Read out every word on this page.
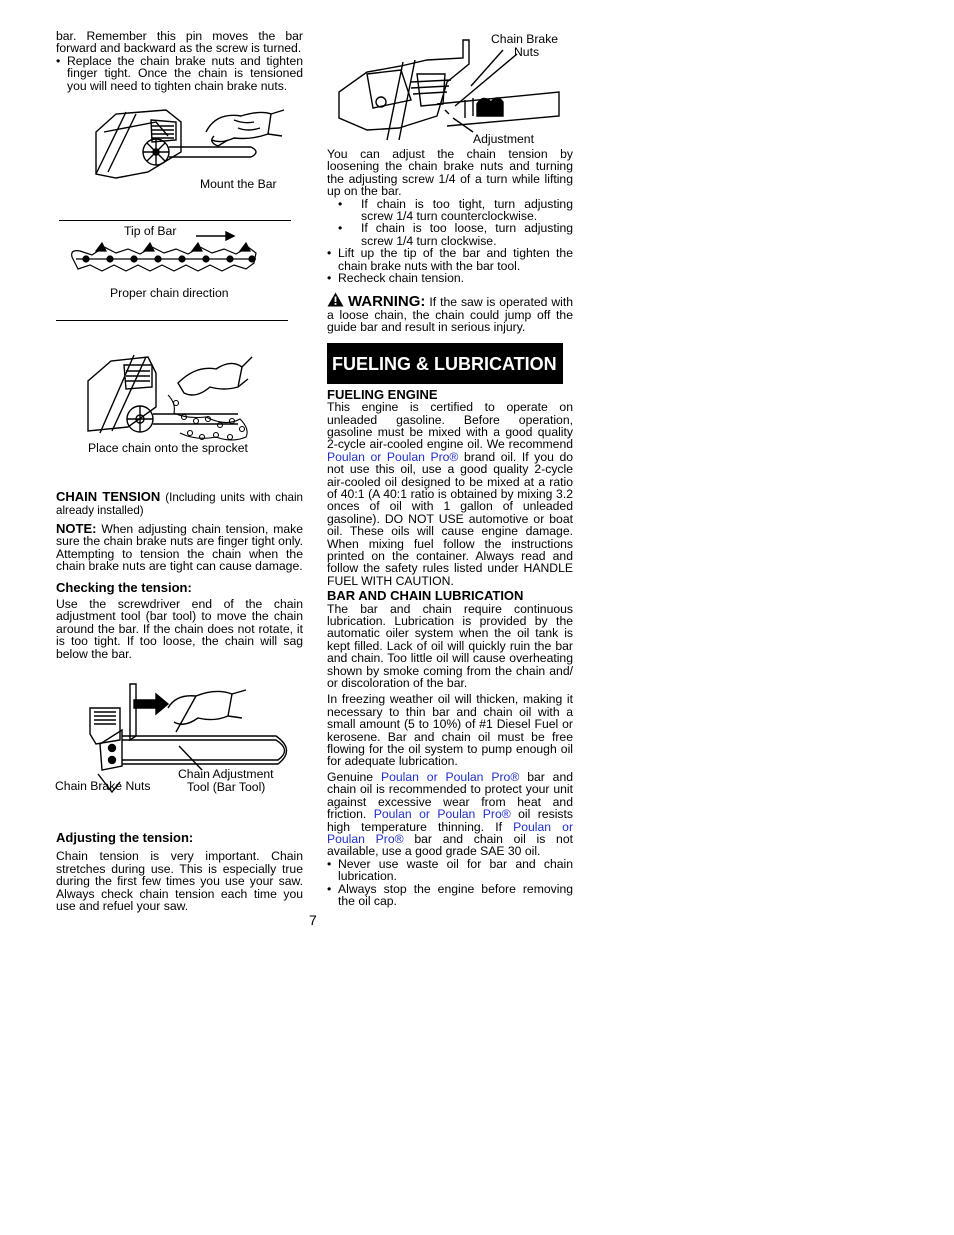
bar. Remember this pin moves the bar forward and backward as the screw is turned.

• Replace the chain brake nuts and tighten finger tight. Once the chain is tensioned you will need to tighten chain brake nuts.

Mount the Bar
Tip of Bar
Proper chain direction
Place chain onto the sprocket

CHAIN TENSION (Including units with chain already installed)

NOTE: When adjusting chain tension, make sure the chain brake nuts are finger tight only. Attempting to tension the chain when the chain brake nuts are tight can cause damage.

Checking the tension:

Use the screwdriver end of the chain adjustment tool (bar tool) to move the chain around the bar. If the chain does not rotate, it is too tight. If too loose, the chain will sag below the bar.

Chain Brake Nuts
Chain Adjustment
Tool (Bar Tool)

Adjusting the tension:

Chain tension is very important. Chain stretches during use. This is especially true during the first few times you use your saw. Always check chain tension each time you use and refuel your saw.

Chain Brake
Nuts
Adjustment

You can adjust the chain tension by loosening the chain brake nuts and turning the adjusting screw 1/4 of a turn while lifting up on the bar.

• If chain is too tight, turn adjusting screw 1/4 turn counterclockwise.

• If chain is too loose, turn adjusting screw 1/4 turn clockwise.

• Lift up the tip of the bar and tighten the chain brake nuts with the bar tool.

• Recheck chain tension.

WARNING: If the saw is operated with a loose chain, the chain could jump off the guide bar and result in serious injury.

FUELING & LUBRICATION

FUELING ENGINE

This engine is certified to operate on unleaded gasoline. Before operation, gasoline must be mixed with a good quality 2-cycle air-cooled engine oil. We recommend Poulan or Poulan Pro® brand oil. If you do not use this oil, use a good quality 2-cycle air-cooled oil designed to be mixed at a ratio of 40:1 (A 40:1 ratio is obtained by mixing 3.2 onces of oil with 1 gallon of unleaded gasoline). DO NOT USE automotive or boat oil. These oils will cause engine damage. When mixing fuel follow the instructions printed on the container. Always read and follow the safety rules listed under HANDLE FUEL WITH CAUTION.

BAR AND CHAIN LUBRICATION

The bar and chain require continuous lubrication. Lubrication is provided by the automatic oiler system when the oil tank is kept filled. Lack of oil will quickly ruin the bar and chain. Too little oil will cause overheating shown by smoke coming from the chain and/ or discoloration of the bar.

In freezing weather oil will thicken, making it necessary to thin bar and chain oil with a small amount (5 to 10%) of #1 Diesel Fuel or kerosene. Bar and chain oil must be free flowing for the oil system to pump enough oil for adequate lubrication.

Genuine Poulan or Poulan Pro® bar and chain oil is recommended to protect your unit against excessive wear from heat and friction. Poulan or Poulan Pro® oil resists high temperature thinning. If Poulan or Poulan Pro® bar and chain oil is not available, use a good grade SAE 30 oil.

• Never use waste oil for bar and chain lubrication.

• Always stop the engine before removing the oil cap.

7
